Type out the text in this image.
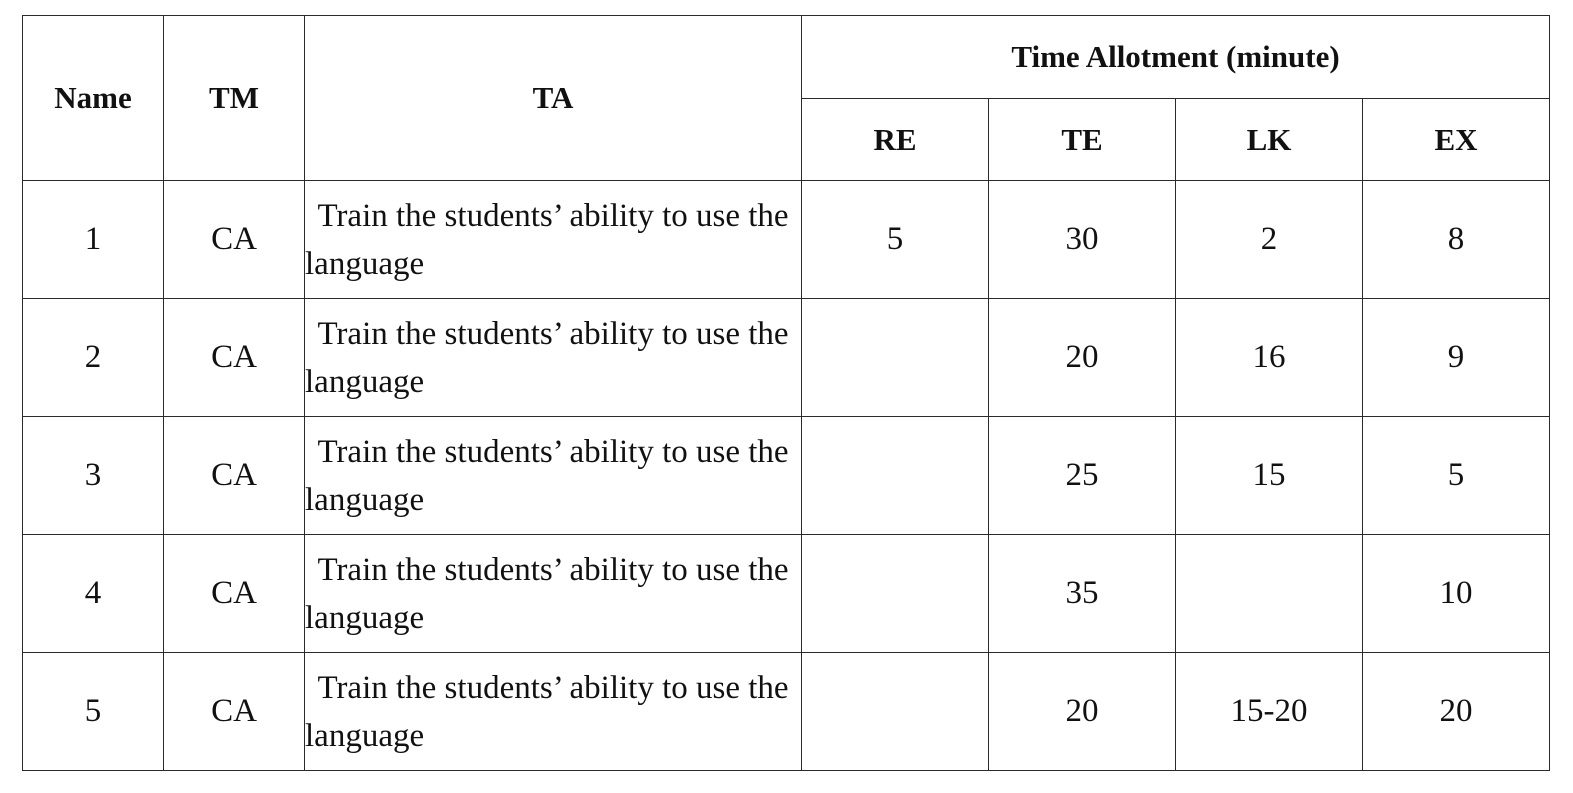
Name	TM	TA	Time Allotment (minute)			
			RE	TE	LK	EX
1	CA	Train the students’ ability to use the language	5	30	2	8
2	CA	Train the students’ ability to use the language		20	16	9
3	CA	Train the students’ ability to use the language		25	15	5
4	CA	Train the students’ ability to use the language		35		10
5	CA	Train the students’ ability to use the language		20	15-20	20
